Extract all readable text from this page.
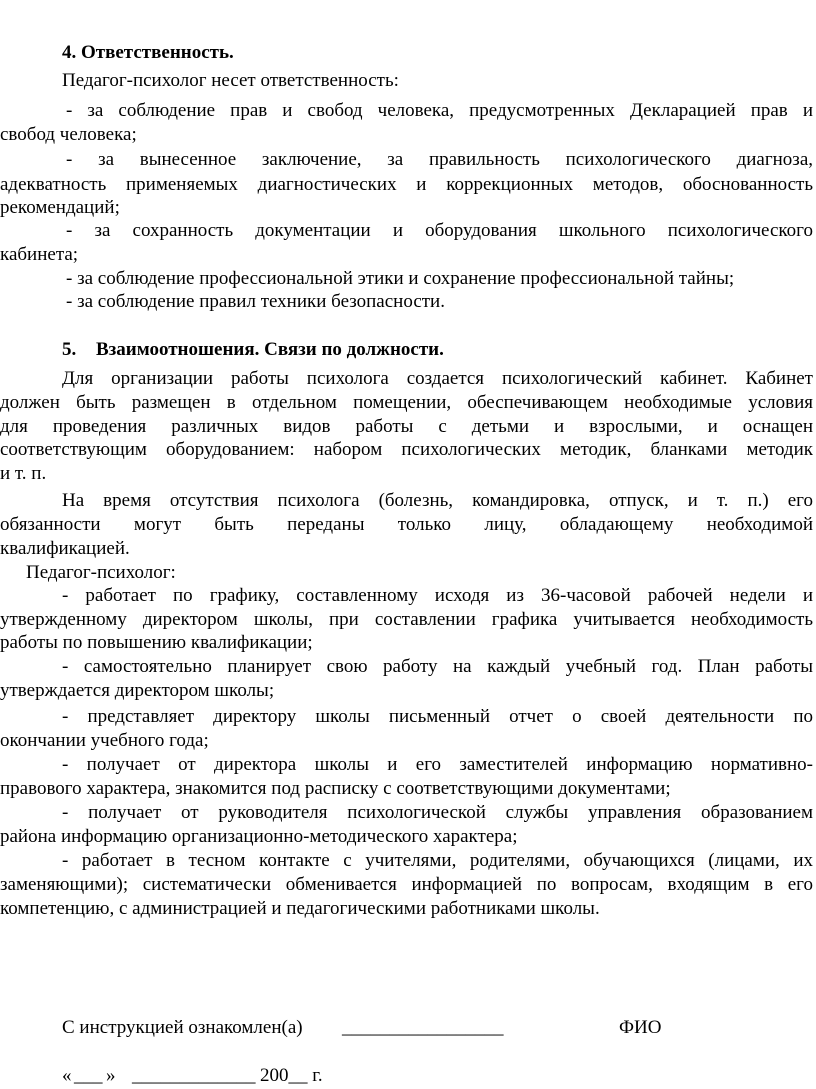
4. Ответственность.
Педагог-психолог несет ответственность:
- за соблюдение прав и свобод человека, предусмотренных Декларацией прав и
свобод человека;
- за вынесенное заключение, за правильность психологического диагноза,
адекватность применяемых диагностических и коррекционных методов, обоснованность
рекомендаций;
- за сохранность документации и оборудования школьного психологического
кабинета;
- за соблюдение профессиональной этики и сохранение профессиональной тайны;
- за соблюдение правил техники безопасности.
5. Взаимоотношения. Связи по должности.
Для организации работы психолога создается психологический кабинет. Кабинет
должен быть размещен в отдельном помещении, обеспечивающем необходимые условия
для проведения различных видов работы с детьми и взрослыми, и оснащен
соответствующим оборудованием: набором психологических методик, бланками методик
и т. п.
На время отсутствия психолога (болезнь, командировка, отпуск, и т. п.) его
обязанности могут быть переданы только лицу, обладающему необходимой
квалификацией.
Педагог-психолог:
- работает по графику, составленному исходя из 36-часовой рабочей недели и
утвержденному директором школы, при составлении графика учитывается необходимость
работы по повышению квалификации;
- самостоятельно планирует свою работу на каждый учебный год. План работы
утверждается директором школы;
- представляет директору школы письменный отчет о своей деятельности по
окончании учебного года;
- получает от директора школы и его заместителей информацию нормативно-
правового характера, знакомится под расписку с соответствующими документами;
- получает от руководителя психологической службы управления образованием
района информацию организационно-методического характера;
- работает в тесном контакте с учителями, родителями, обучающихся (лицами, их
заменяющими); систематически обменивается информацией по вопросам, входящим в его
компетенцию, с администрацией и педагогическими работниками школы.
С инструкцией ознакомлен(а) _________________	ФИО
« ___ » _____________ 200__ г.
